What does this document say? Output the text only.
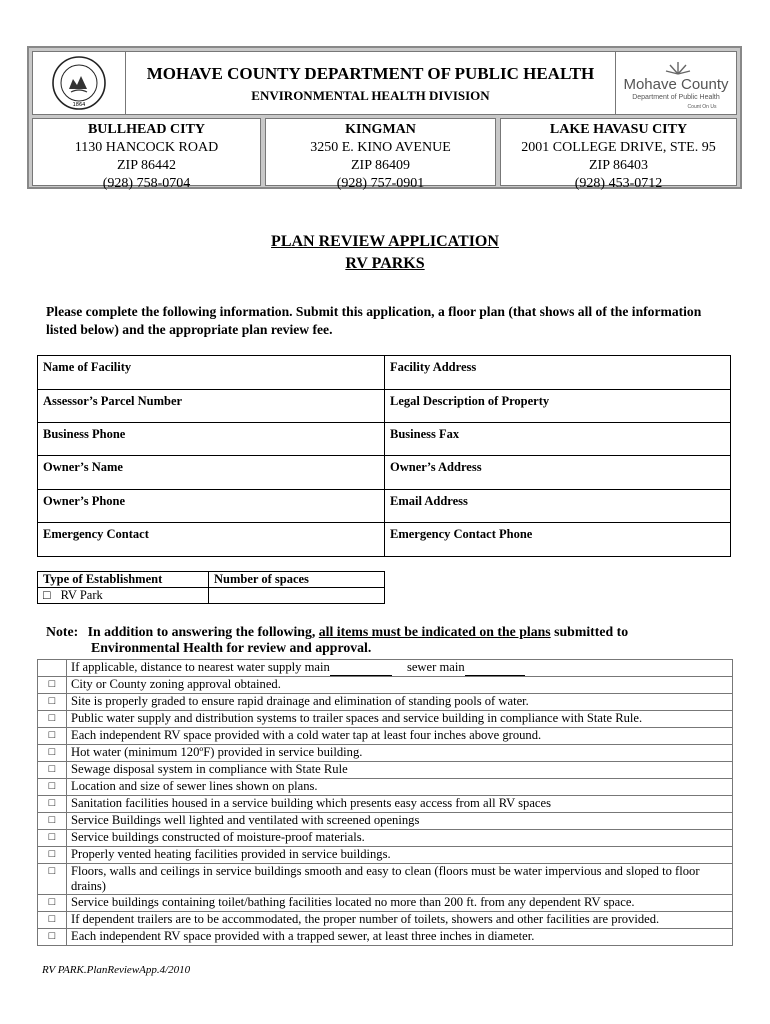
1864
MOHAVE COUNTY DEPARTMENT OF PUBLIC HEALTH
ENVIRONMENTAL HEALTH DIVISION
Mohave County
Department of Public Health
Count On Us
BULLHEAD CITY
1130 HANCOCK ROAD
ZIP 86442
(928) 758-0704
KINGMAN
3250 E. KINO AVENUE
ZIP 86409
(928) 757-0901
LAKE HAVASU CITY
2001 COLLEGE DRIVE, STE. 95
ZIP 86403
(928) 453-0712
PLAN REVIEW APPLICATION
RV PARKS
Please complete the following information. Submit this application, a floor plan (that shows all of the information listed below) and the appropriate plan review fee.
Name of Facility	Facility Address
Assessor’s Parcel Number	Legal Description of Property
Business Phone	Business Fax
Owner’s Name	Owner’s Address
Owner’s Phone	Email Address
Emergency Contact	Emergency Contact Phone
Type of Establishment	Number of spaces
□ RV Park	
Note: In addition to answering the following, all items must be indicated on the plans submitted to
Environmental Health for review and approval.
	If applicable, distance to nearest water supply main sewer main
□	City or County zoning approval obtained.
□	Site is properly graded to ensure rapid drainage and elimination of standing pools of water.
□	Public water supply and distribution systems to trailer spaces and service building in compliance with State Rule.
□	Each independent RV space provided with a cold water tap at least four inches above ground.
□	Hot water (minimum 120ºF) provided in service building.
□	Sewage disposal system in compliance with State Rule
□	Location and size of sewer lines shown on plans.
□	Sanitation facilities housed in a service building which presents easy access from all RV spaces
□	Service Buildings well lighted and ventilated with screened openings
□	Service buildings constructed of moisture-proof materials.
□	Properly vented heating facilities provided in service buildings.
□	Floors, walls and ceilings in service buildings smooth and easy to clean (floors must be water impervious and sloped to floor drains)
□	Service buildings containing toilet/bathing facilities located no more than 200 ft. from any dependent RV space.
□	If dependent trailers are to be accommodated, the proper number of toilets, showers and other facilities are provided.
□	Each independent RV space provided with a trapped sewer, at least three inches in diameter.
RV PARK.PlanReviewApp.4/2010
